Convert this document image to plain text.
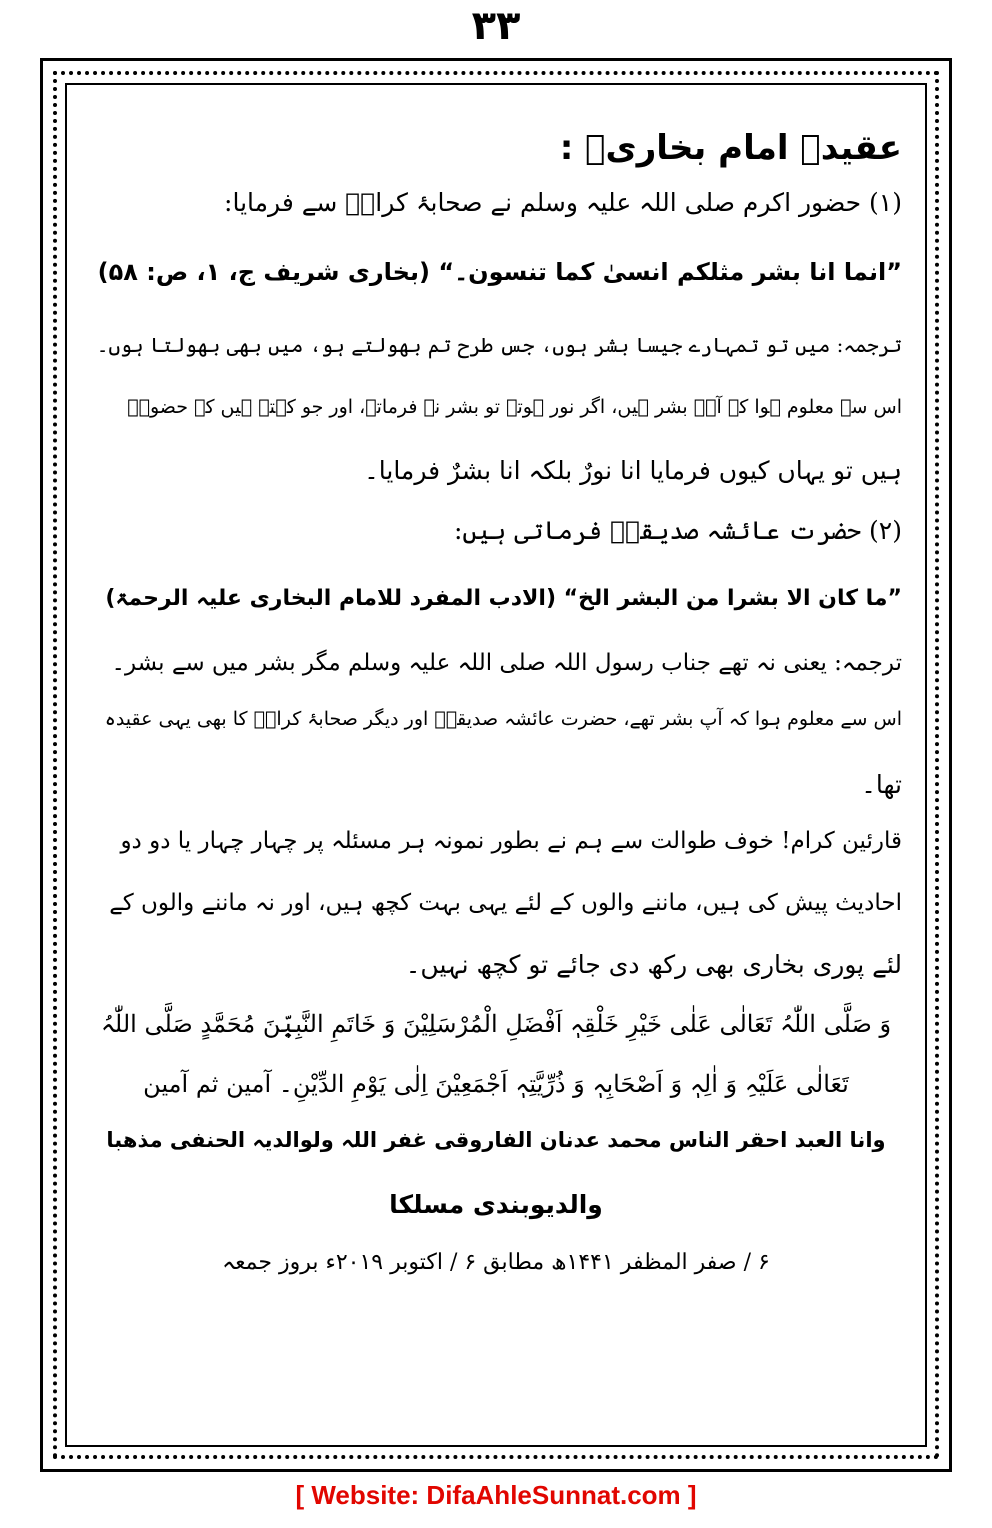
۳۳
عقیدہ امام بخاریؒ :
(۱) حضور اکرم صلی اللہ علیہ وسلم نے صحابۂ کرامؓ سے فرمایا:
”انما انا بشر مثلکم انسیٰ کما تنسون۔“ (بخاری شریف ج، ۱، ص: ۵۸)
ترجمہ: میں تو تمہارے جیسا بشر ہوں، جس طرح تم بھولتے ہو، میں بھی بھولتا ہوں۔
اس سے معلوم ہوا کہ آپؐ بشر ہیں، اگر نور ہوتے تو بشر نہ فرماتے، اور جو کہتے ہیں کہ حضورؐ
ہیں تو یہاں کیوں فرمایا انا نورٌ بلکہ انا بشرٌ فرمایا۔
(۲) حضرت عائشہ صدیقہؓ فرماتی ہیں:
”ما کان الا بشرا من البشر الخ“ (الادب المفرد للامام البخاری علیہ الرحمۃ)
ترجمہ: یعنی نہ تھے جناب رسول اللہ صلی اللہ علیہ وسلم مگر بشر میں سے بشر۔
اس سے معلوم ہوا کہ آپ بشر تھے، حضرت عائشہ صدیقہؓ اور دیگر صحابۂ کرامؓ کا بھی یہی عقیدہ
تھا۔
قارئین کرام! خوف طوالت سے ہم نے بطور نمونہ ہر مسئلہ پر چہار چہار یا دو دو
احادیث پیش کی ہیں، ماننے والوں کے لئے یہی بہت کچھ ہیں، اور نہ ماننے والوں کے
لئے پوری بخاری بھی رکھ دی جائے تو کچھ نہیں۔
وَ صَلَّی اللّٰہُ تَعَالٰی عَلٰی خَیْرِ خَلْقِہٖ اَفْضَلِ الْمُرْسَلِیْنَ وَ خَاتَمِ النَّبِیّٖنَ مُحَمَّدٍ صَلَّی اللّٰہُ
تَعَالٰی عَلَیْہِ وَ اٰلِہٖ وَ اَصْحَابِہٖ وَ ذُرِّیَّتِہٖ اَجْمَعِیْنَ اِلٰی یَوْمِ الدِّیْنِ۔ آمین ثم آمین
وانا العبد احقر الناس محمد عدنان الفاروقی غفر اللہ ولوالدیہ الحنفی مذھبا
والدیوبندی مسلکا
۶ / صفر المظفر ۱۴۴۱ھ مطابق ۶ / اکتوبر ۲۰۱۹ء بروز جمعہ
[ Website: DifaAhleSunnat.com ]
